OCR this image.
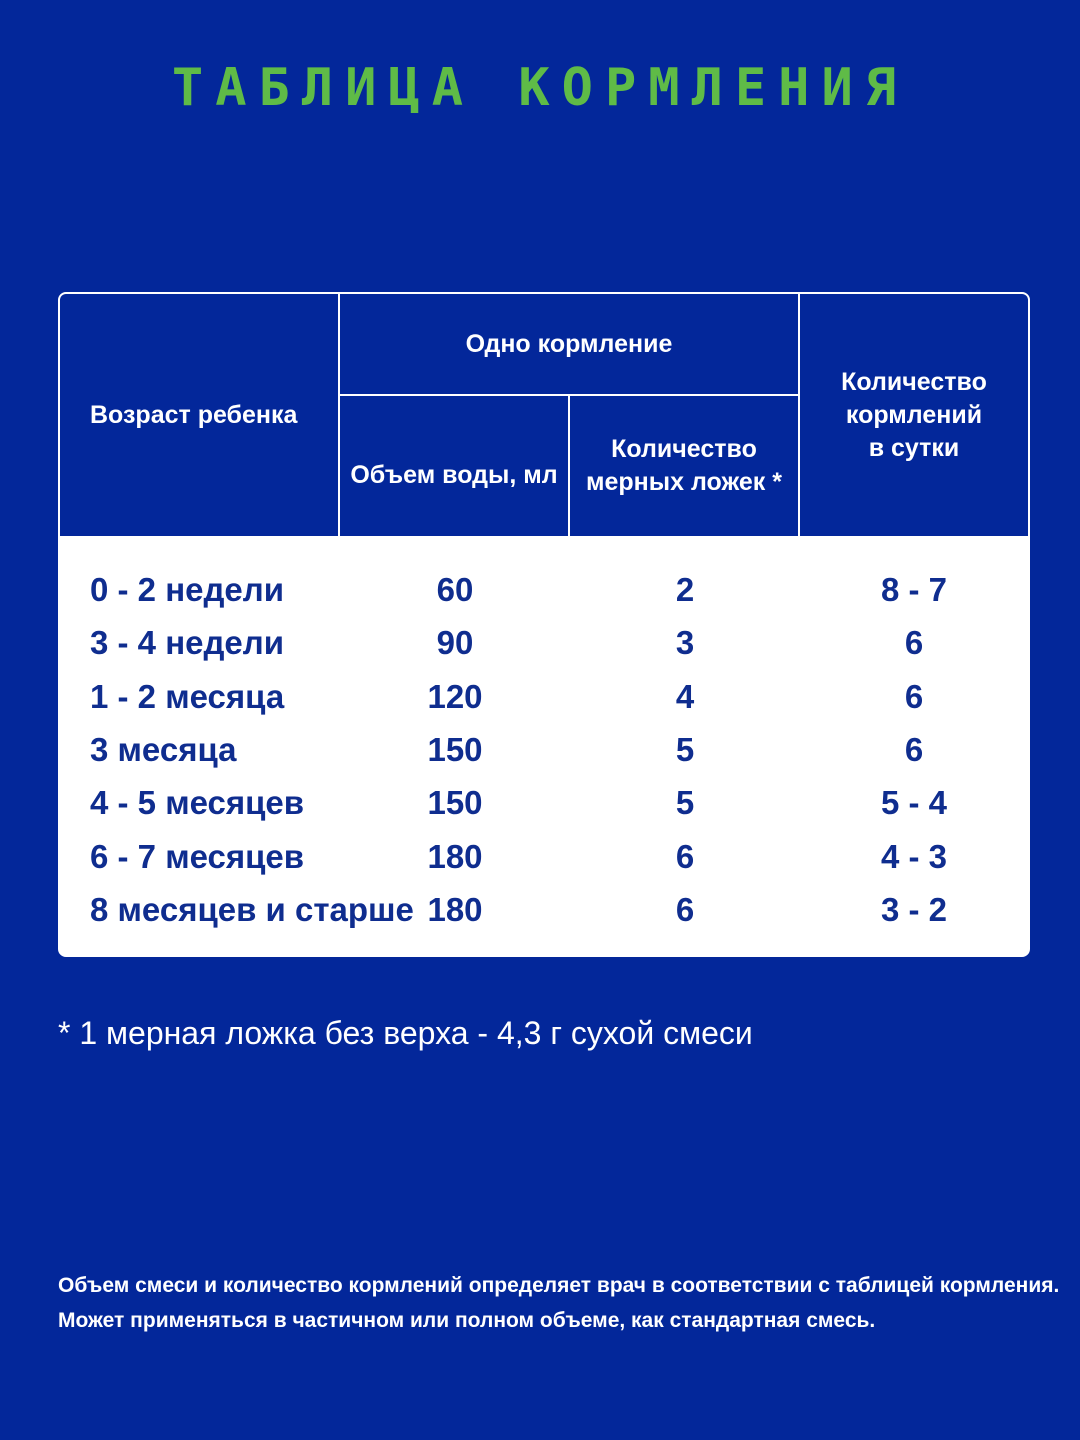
ТАБЛИЦА КОРМЛЕНИЯ
Возраст ребенка
Одно кормление
Объем воды, мл
Количество
мерных ложек *
Количество
кормлений
в сутки
0 - 2 недели	60	2	8 - 7
3 - 4 недели	90	3	6
1 - 2 месяца	120	4	6
3 месяца	150	5	6
4 - 5 месяцев	150	5	5 - 4
6 - 7 месяцев	180	6	4 - 3
8 месяцев и старше 180	6	3 - 2
* 1 мерная ложка без верха - 4,3 г сухой смеси

Объем смеси и количество кормлений определяет врач в соответствии с таблицей кормления.

Может применяться в частичном или полном объеме, как стандартная смесь.
